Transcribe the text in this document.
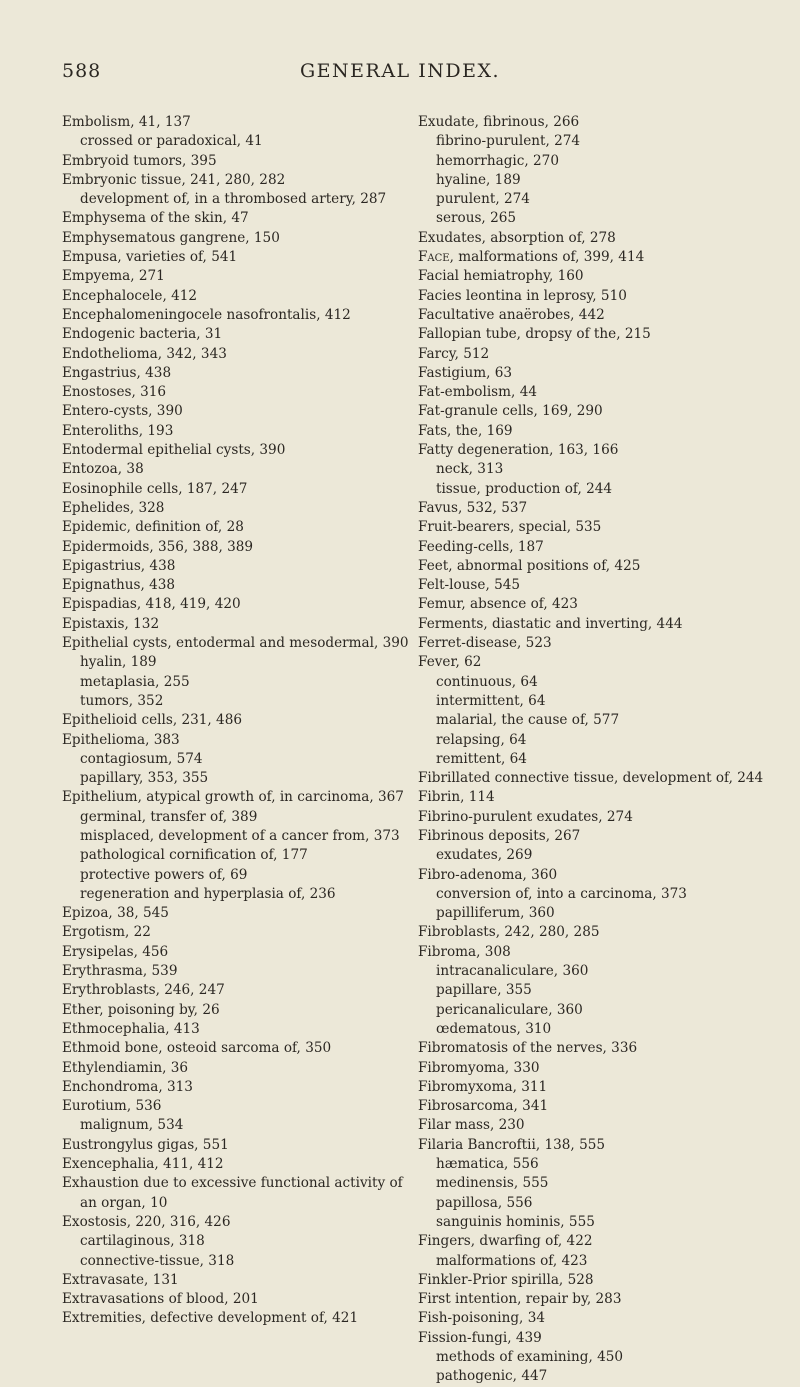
588	GENERAL INDEX.

Embolism, 41, 137

crossed or paradoxical, 41

Embryoid tumors, 395

Embryonic tissue, 241, 280, 282

development of, in a thrombosed artery, 287

Emphysema of the skin, 47

Emphysematous gangrene, 150

Empusa, varieties of, 541

Empyema, 271

Encephalocele, 412

Encephalomeningocele nasofrontalis, 412

Endogenic bacteria, 31

Endothelioma, 342, 343

Engastrius, 438

Enostoses, 316

Entero-cysts, 390

Enteroliths, 193

Entodermal epithelial cysts, 390

Entozoa, 38

Eosinophile cells, 187, 247

Ephelides, 328

Epidemic, definition of, 28

Epidermoids, 356, 388, 389

Epigastrius, 438

Epignathus, 438

Epispadias, 418, 419, 420

Epistaxis, 132

Epithelial cysts, entodermal and mesodermal, 390

hyalin, 189

metaplasia, 255

tumors, 352

Epithelioid cells, 231, 486

Epithelioma, 383

contagiosum, 574

papillary, 353, 355

Epithelium, atypical growth of, in carcinoma, 367

germinal, transfer of, 389

misplaced, development of a cancer from, 373

pathological cornification of, 177

protective powers of, 69

regeneration and hyperplasia of, 236

Epizoa, 38, 545

Ergotism, 22

Erysipelas, 456

Erythrasma, 539

Erythroblasts, 246, 247

Ether, poisoning by, 26

Ethmocephalia, 413

Ethmoid bone, osteoid sarcoma of, 350

Ethylendiamin, 36

Enchondroma, 313

Eurotium, 536

malignum, 534

Eustrongylus gigas, 551

Exencephalia, 411, 412

Exhaustion due to excessive functional activity of an organ, 10

Exostosis, 220, 316, 426

cartilaginous, 318

connective-tissue, 318

Extravasate, 131

Extravasations of blood, 201

Extremities, defective development of, 421

Exudate, fibrinous, 266

fibrino-purulent, 274

hemorrhagic, 270

hyaline, 189

purulent, 274

serous, 265

Exudates, absorption of, 278

Face, malformations of, 399, 414

Facial hemiatrophy, 160

Facies leontina in leprosy, 510

Facultative anaërobes, 442

Fallopian tube, dropsy of the, 215

Farcy, 512

Fastigium, 63

Fat-embolism, 44

Fat-granule cells, 169, 290

Fats, the, 169

Fatty degeneration, 163, 166

neck, 313

tissue, production of, 244

Favus, 532, 537

Fruit-bearers, special, 535

Feeding-cells, 187

Feet, abnormal positions of, 425

Felt-louse, 545

Femur, absence of, 423

Ferments, diastatic and inverting, 444

Ferret-disease, 523

Fever, 62

continuous, 64

intermittent, 64

malarial, the cause of, 577

relapsing, 64

remittent, 64

Fibrillated connective tissue, development of, 244

Fibrin, 114

Fibrino-purulent exudates, 274

Fibrinous deposits, 267

exudates, 269

Fibro-adenoma, 360

conversion of, into a carcinoma, 373

papilliferum, 360

Fibroblasts, 242, 280, 285

Fibroma, 308

intracanaliculare, 360

papillare, 355

pericanaliculare, 360

œdematous, 310

Fibromatosis of the nerves, 336

Fibromyoma, 330

Fibromyxoma, 311

Fibrosarcoma, 341

Filar mass, 230

Filaria Bancroftii, 138, 555

hæmatica, 556

medinensis, 555

papillosa, 556

sanguinis hominis, 555

Fingers, dwarfing of, 422

malformations of, 423

Finkler-Prior spirilla, 528

First intention, repair by, 283

Fish-poisoning, 34

Fission-fungi, 439

methods of examining, 450

pathogenic, 447
